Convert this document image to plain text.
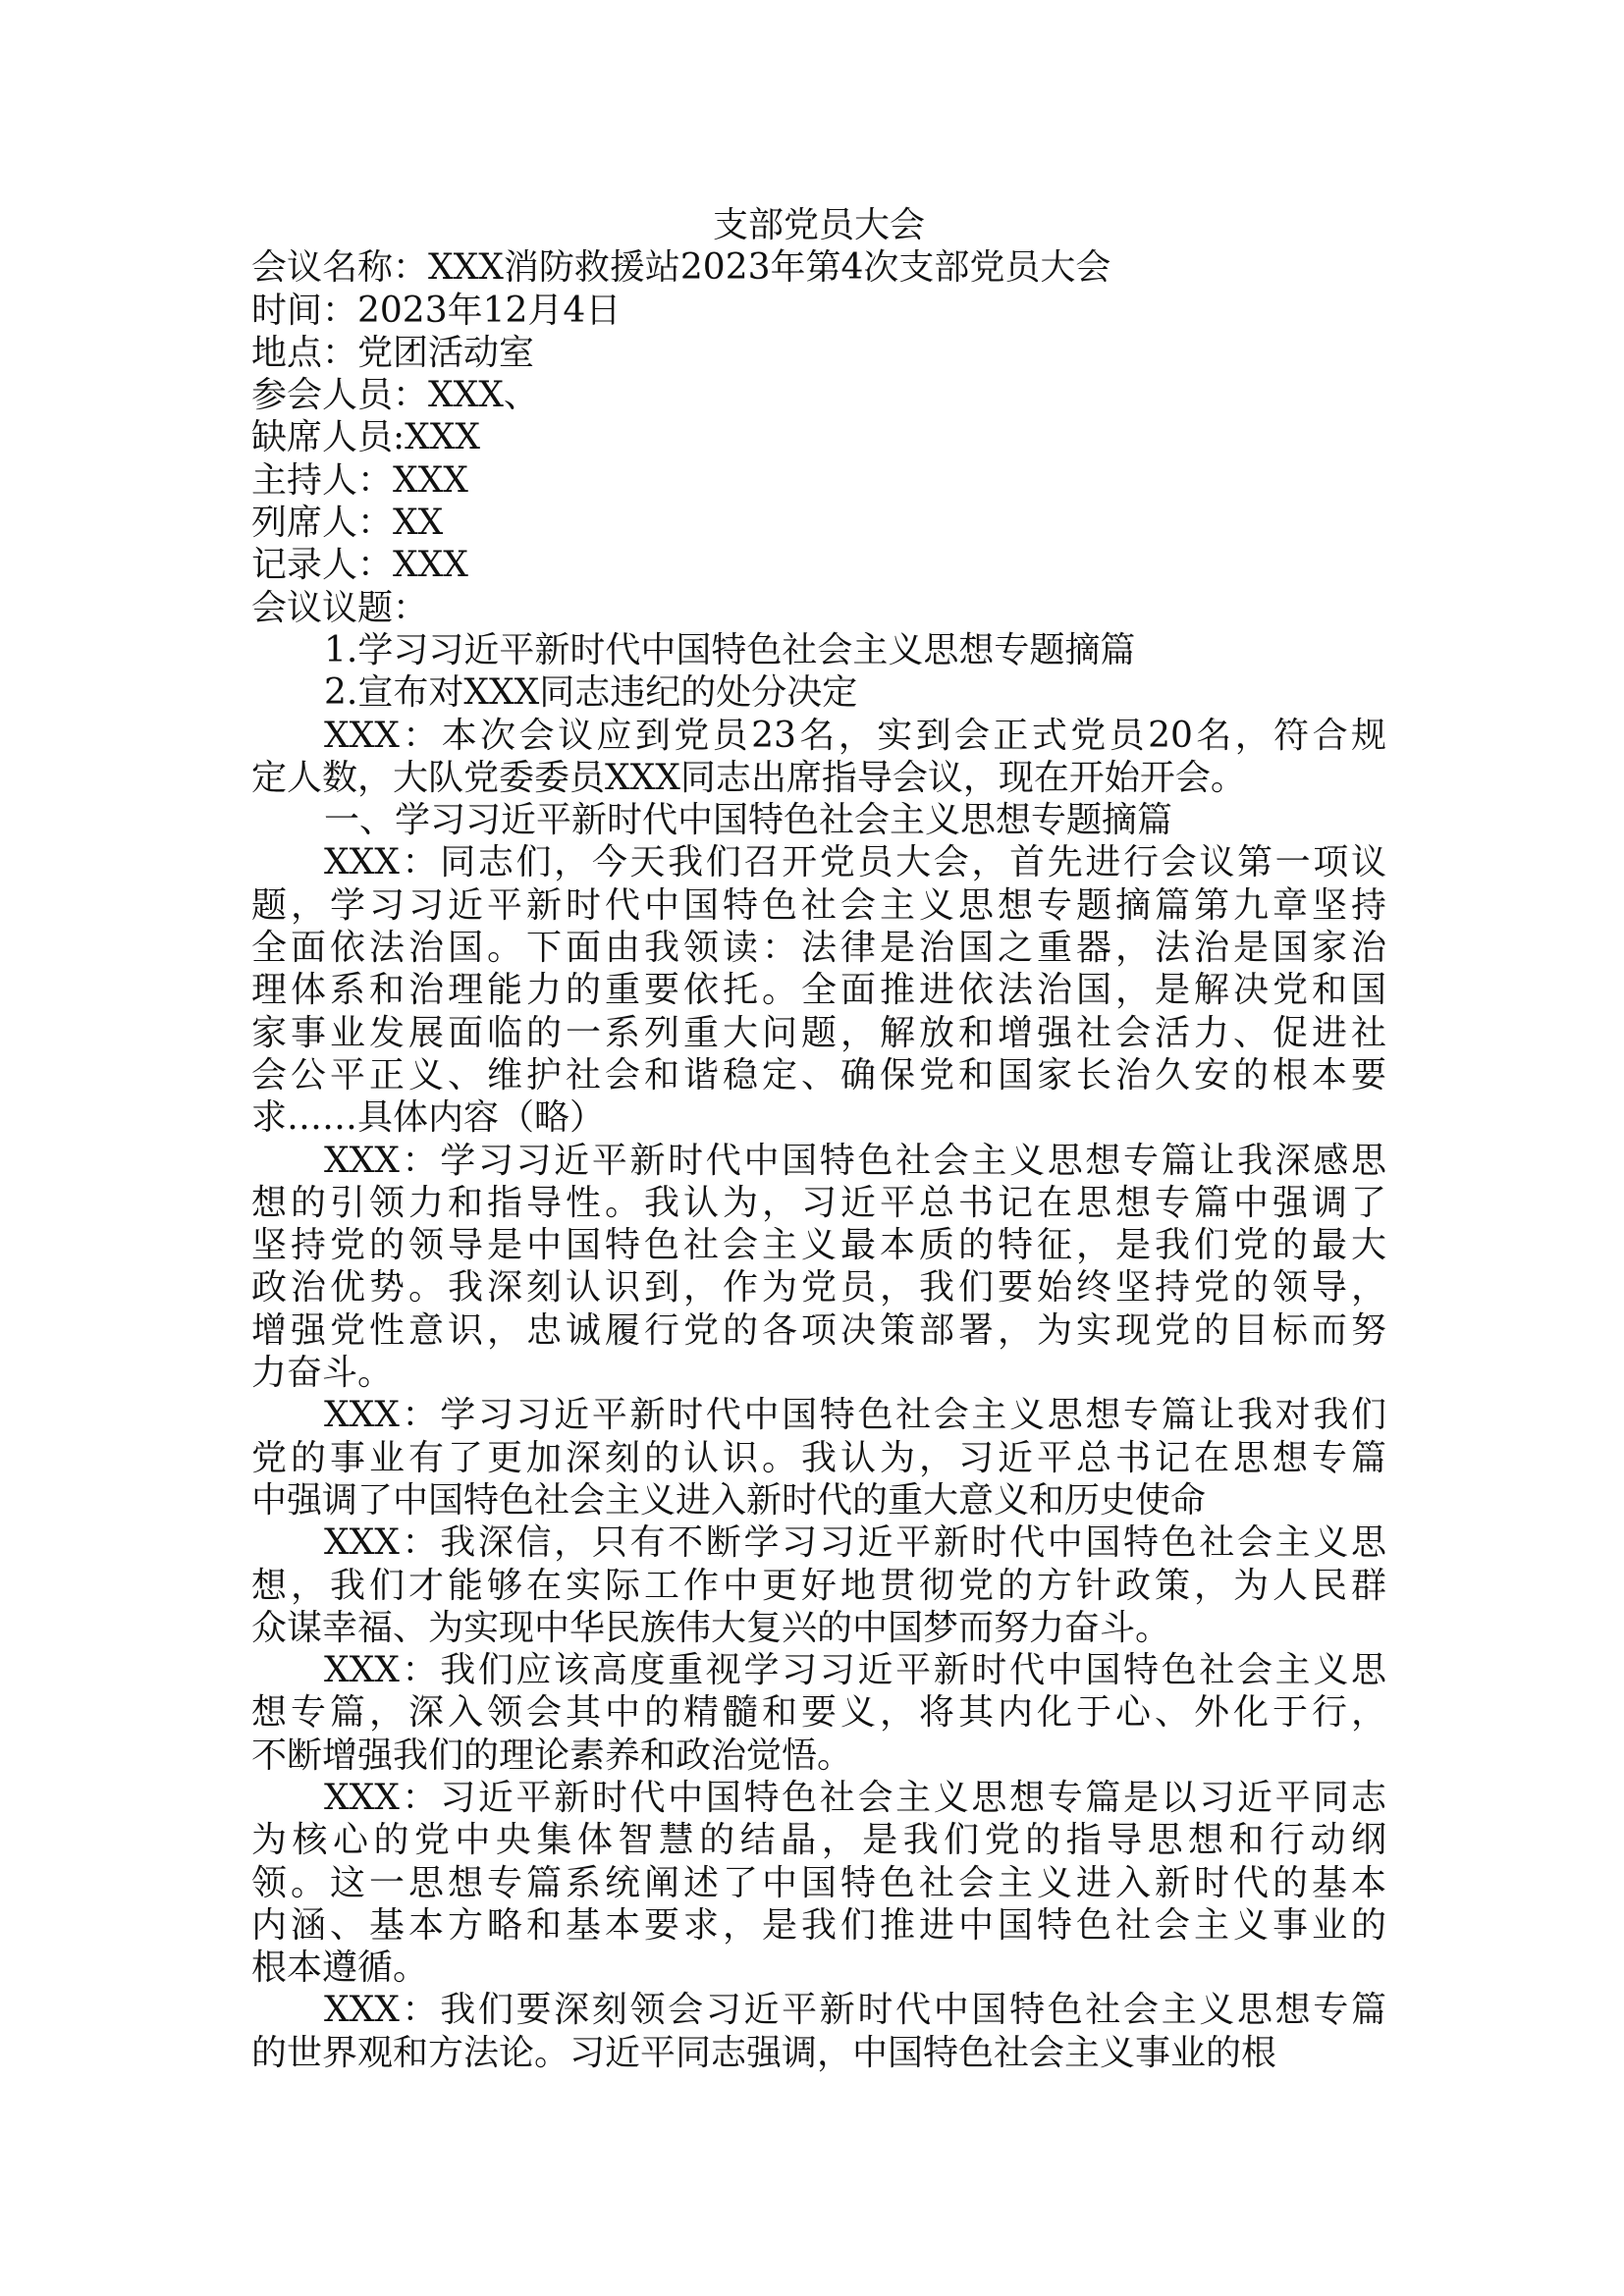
支部党员大会
会议名称：XXX消防救援站2023年第4次支部党员大会
时间：2023年12月4日
地点：党团活动室
参会人员：XXX、
缺席人员:XXX
主持人：XXX
列席人：XX
记录人：XXX
会议议题：
1.学习习近平新时代中国特色社会主义思想专题摘篇
2.宣布对XXX同志违纪的处分决定
XXX：本次会议应到党员23名，实到会正式党员20名，符合规
定人数，大队党委委员XXX同志出席指导会议，现在开始开会。
一、学习习近平新时代中国特色社会主义思想专题摘篇
XXX：同志们，今天我们召开党员大会，首先进行会议第一项议
题，学习习近平新时代中国特色社会主义思想专题摘篇第九章坚持
全面依法治国。下面由我领读：法律是治国之重器，法治是国家治
理体系和治理能力的重要依托。全面推进依法治国，是解决党和国
家事业发展面临的一系列重大问题，解放和增强社会活力、促进社
会公平正义、维护社会和谐稳定、确保党和国家长治久安的根本要
求……具体内容（略）
XXX：学习习近平新时代中国特色社会主义思想专篇让我深感思
想的引领力和指导性。我认为，习近平总书记在思想专篇中强调了
坚持党的领导是中国特色社会主义最本质的特征，是我们党的最大
政治优势。我深刻认识到，作为党员，我们要始终坚持党的领导，
增强党性意识，忠诚履行党的各项决策部署，为实现党的目标而努
力奋斗。
XXX：学习习近平新时代中国特色社会主义思想专篇让我对我们
党的事业有了更加深刻的认识。我认为，习近平总书记在思想专篇
中强调了中国特色社会主义进入新时代的重大意义和历史使命
XXX：我深信，只有不断学习习近平新时代中国特色社会主义思
想，我们才能够在实际工作中更好地贯彻党的方针政策，为人民群
众谋幸福、为实现中华民族伟大复兴的中国梦而努力奋斗。
XXX：我们应该高度重视学习习近平新时代中国特色社会主义思
想专篇，深入领会其中的精髓和要义，将其内化于心、外化于行，
不断增强我们的理论素养和政治觉悟。
XXX：习近平新时代中国特色社会主义思想专篇是以习近平同志
为核心的党中央集体智慧的结晶，是我们党的指导思想和行动纲
领。这一思想专篇系统阐述了中国特色社会主义进入新时代的基本
内涵、基本方略和基本要求，是我们推进中国特色社会主义事业的
根本遵循。
XXX：我们要深刻领会习近平新时代中国特色社会主义思想专篇
的世界观和方法论。习近平同志强调，中国特色社会主义事业的根
